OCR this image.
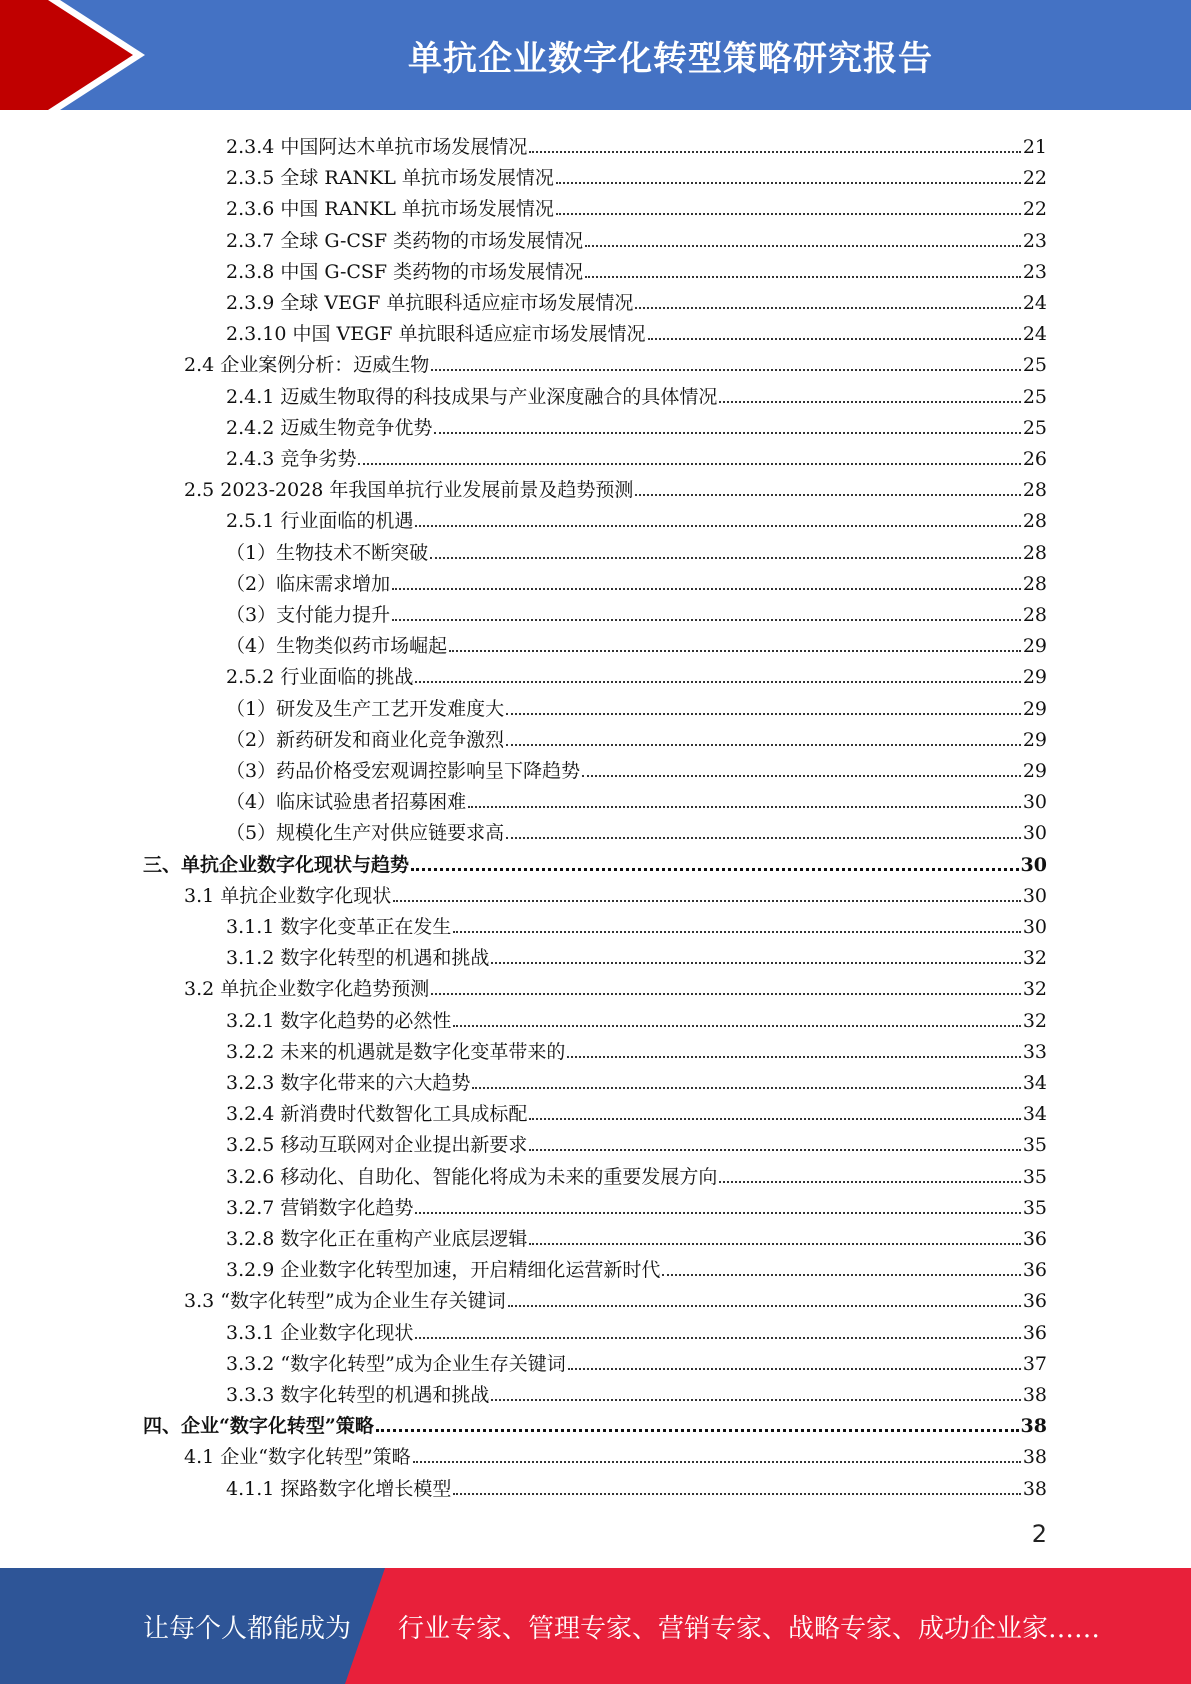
单抗企业数字化转型策略研究报告
2.3.4 中国阿达木单抗市场发展情况	21
2.3.5 全球 RANKL 单抗市场发展情况	22
2.3.6 中国 RANKL 单抗市场发展情况	22
2.3.7 全球 G-CSF 类药物的市场发展情况	23
2.3.8 中国 G-CSF 类药物的市场发展情况	23
2.3.9 全球 VEGF 单抗眼科适应症市场发展情况	24
2.3.10 中国 VEGF 单抗眼科适应症市场发展情况	24
2.4 企业案例分析：迈威生物	25
2.4.1 迈威生物取得的科技成果与产业深度融合的具体情况	25
2.4.2 迈威生物竞争优势	25
2.4.3 竞争劣势	26
2.5 2023-2028 年我国单抗行业发展前景及趋势预测	28
2.5.1 行业面临的机遇	28
（1）生物技术不断突破	28
（2）临床需求增加	28
（3）支付能力提升	28
（4）生物类似药市场崛起	29
2.5.2 行业面临的挑战	29
（1）研发及生产工艺开发难度大	29
（2）新药研发和商业化竞争激烈	29
（3）药品价格受宏观调控影响呈下降趋势	29
（4）临床试验患者招募困难	30
（5）规模化生产对供应链要求高	30
三、单抗企业数字化现状与趋势	30
3.1 单抗企业数字化现状	30
3.1.1 数字化变革正在发生	30
3.1.2 数字化转型的机遇和挑战	32
3.2 单抗企业数字化趋势预测	32
3.2.1 数字化趋势的必然性	32
3.2.2 未来的机遇就是数字化变革带来的	33
3.2.3 数字化带来的六大趋势	34
3.2.4 新消费时代数智化工具成标配	34
3.2.5 移动互联网对企业提出新要求	35
3.2.6 移动化、自助化、智能化将成为未来的重要发展方向	35
3.2.7 营销数字化趋势	35
3.2.8 数字化正在重构产业底层逻辑	36
3.2.9 企业数字化转型加速，开启精细化运营新时代	36
3.3 “数字化转型”成为企业生存关键词	36
3.3.1 企业数字化现状	36
3.3.2 “数字化转型”成为企业生存关键词	37
3.3.3 数字化转型的机遇和挑战	38
四、企业“数字化转型”策略	38
4.1 企业“数字化转型”策略	38
4.1.1 探路数字化增长模型	38
2
让每个人都能成为 行业专家、管理专家、营销专家、战略专家、成功企业家……
